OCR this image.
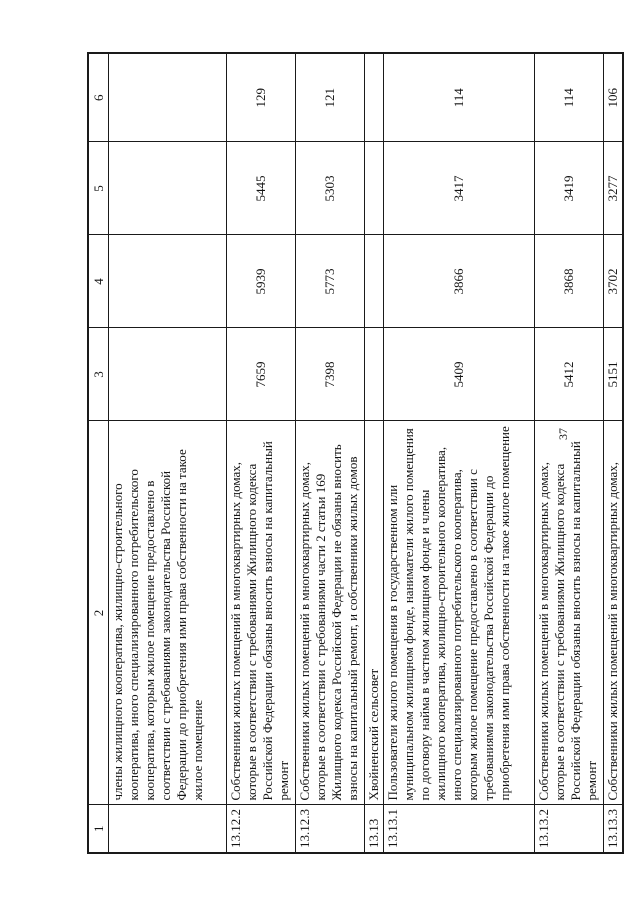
37
1	2	3	4	5	6
	члены жилищного кооператива, жилищно-строительного кооператива, иного специализированного потребительского кооператива, которым жилое помещение предоставлено в соответствии с требованиями законодательства Российской Федерации до приобретения ими права собственности на такое жилое помещение				
13.12.2	Собственники жилых помещений в многоквартирных домах, которые в соответствии с требованиями Жилищного кодекса Российской Федерации обязаны вносить взносы на капитальный ремонт	7659	5939	5445	129
13.12.3	Собственники жилых помещений в многоквартирных домах, которые в соответствии с требованиями части 2 статьи 169 Жилищного кодекса Российской Федерации не обязаны вносить взносы на капитальный ремонт, и собственники жилых домов	7398	5773	5303	121
13.13	Хвойненский сельсовет				
13.13.1	Пользователи жилого помещения в государственном или муниципальном жилищном фонде, наниматели жилого помещения по договору найма в частном жилищном фонде и члены жилищного кооператива, жилищно-строительного кооператива, иного специализированного потребительского кооператива, которым жилое помещение предоставлено в соответствии с требованиями законодательства Российской Федерации до приобретения ими права собственности на такое жилое помещение	5409	3866	3417	114
13.13.2	Собственники жилых помещений в многоквартирных домах, которые в соответствии с требованиями Жилищного кодекса Российской Федерации обязаны вносить взносы на капитальный ремонт	5412	3868	3419	114
13.13.3	Собственники жилых помещений в многоквартирных домах,	5151	3702	3277	106
